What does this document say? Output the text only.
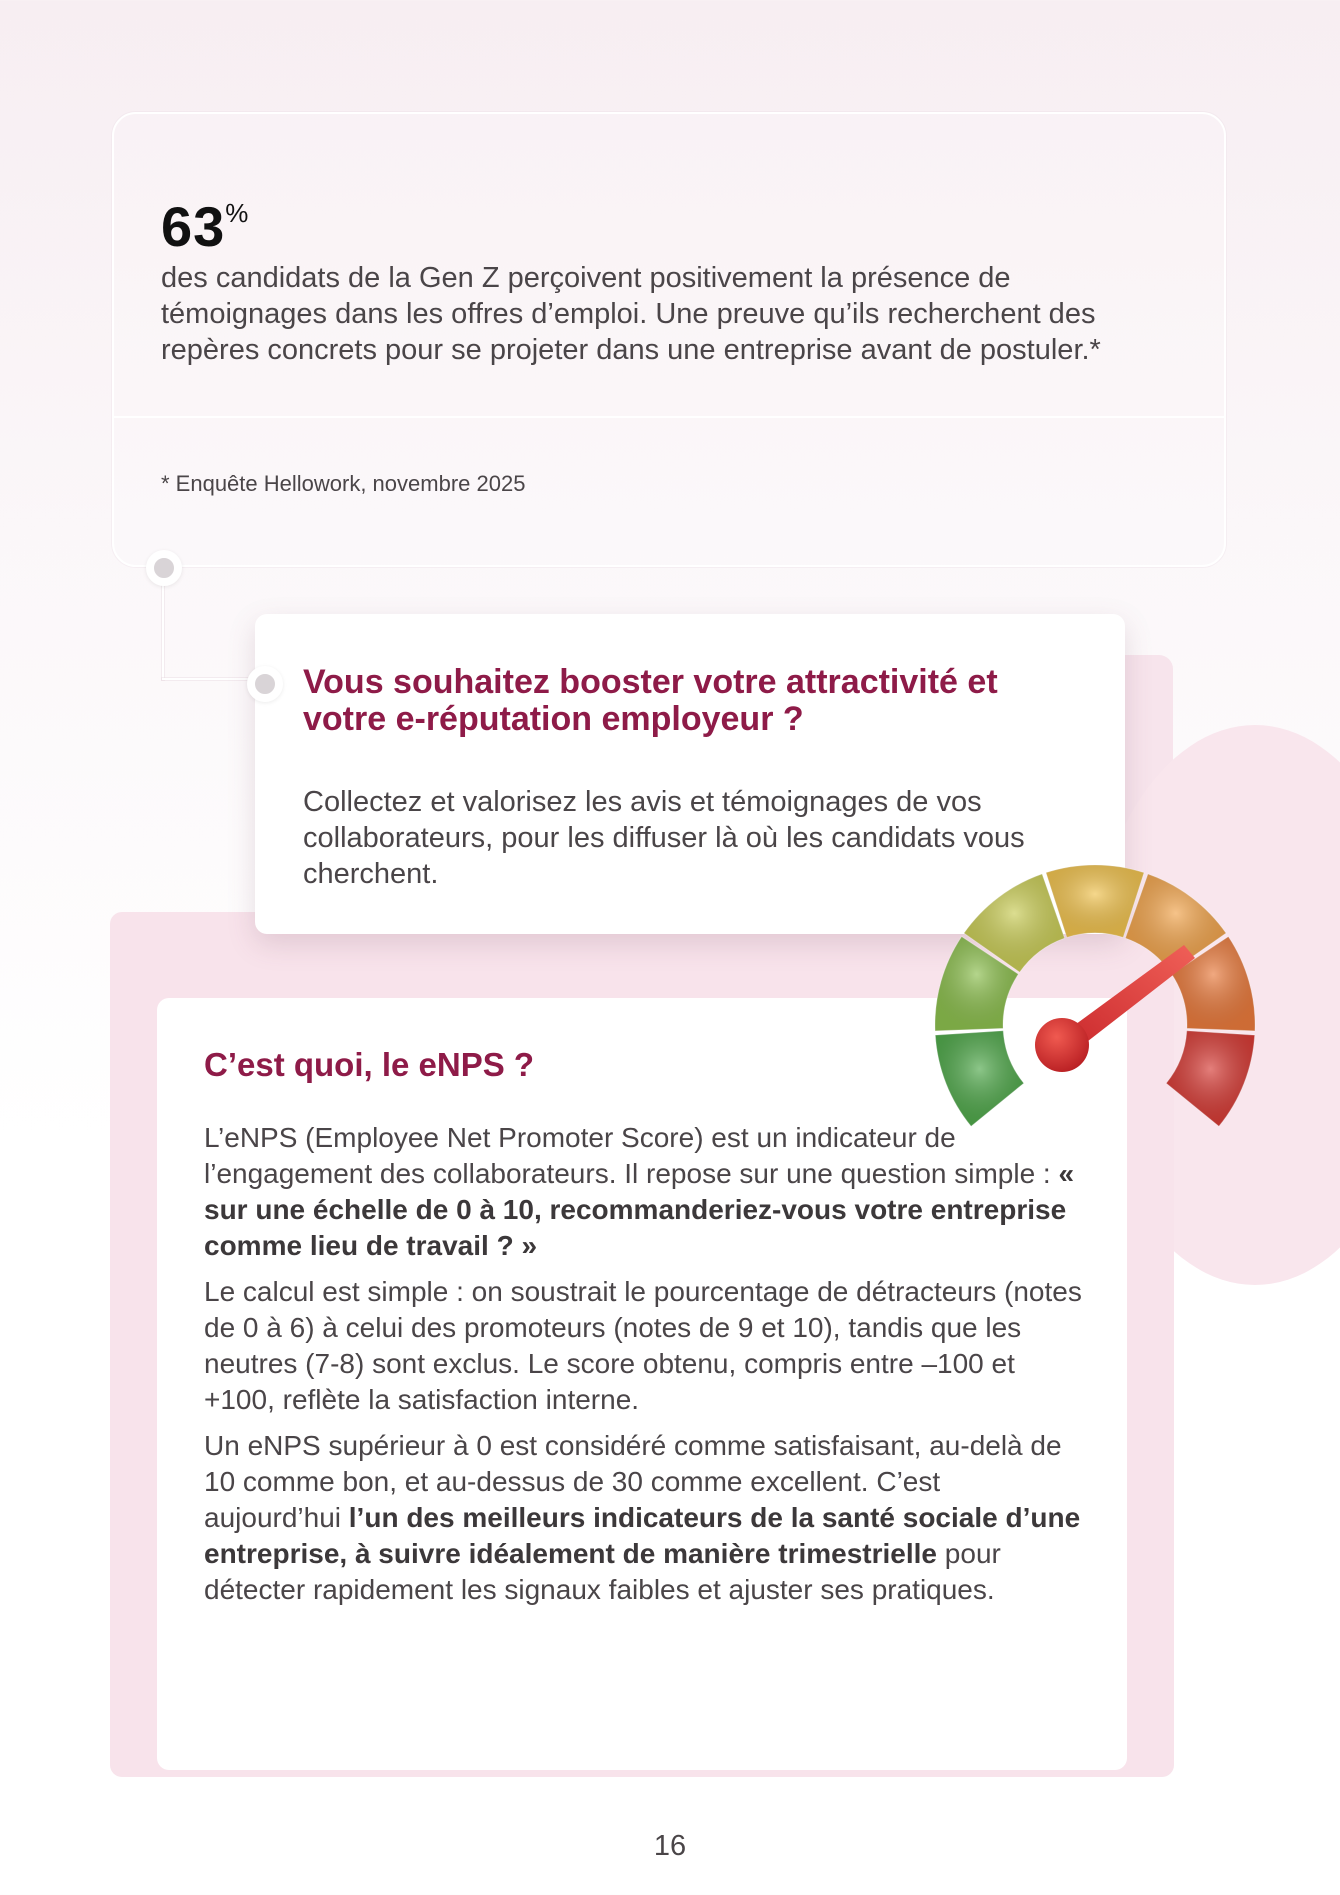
63%

des candidats de la Gen Z perçoivent positivement la présence de témoignages dans les offres d’emploi. Une preuve qu’ils recherchent des repères concrets pour se projeter dans une entreprise avant de postuler.*

* Enquête Hellowork, novembre 2025
Vous souhaitez booster votre attractivité et votre e-réputation employeur ?

Collectez et valorisez les avis et témoignages de vos collaborateurs, pour les diffuser là où les candidats vous cherchent.

C’est quoi, le eNPS ?

L’eNPS (Employee Net Promoter Score) est un indicateur de l’engagement des collaborateurs. Il repose sur une question simple : « sur une échelle de 0 à 10, recommanderiez-vous votre entreprise comme lieu de travail ? »

Le calcul est simple : on soustrait le pourcentage de détracteurs (notes de 0 à 6) à celui des promoteurs (notes de 9 et 10), tandis que les neutres (7-8) sont exclus. Le score obtenu, compris entre –100 et +100, reflète la satisfaction interne.

Un eNPS supérieur à 0 est considéré comme satisfaisant, au-delà de 10 comme bon, et au-dessus de 30 comme excellent. C’est aujourd’hui l’un des meilleurs indicateurs de la santé sociale d’une entreprise, à suivre idéalement de manière trimestrielle pour détecter rapidement les signaux faibles et ajuster ses pratiques.

16
